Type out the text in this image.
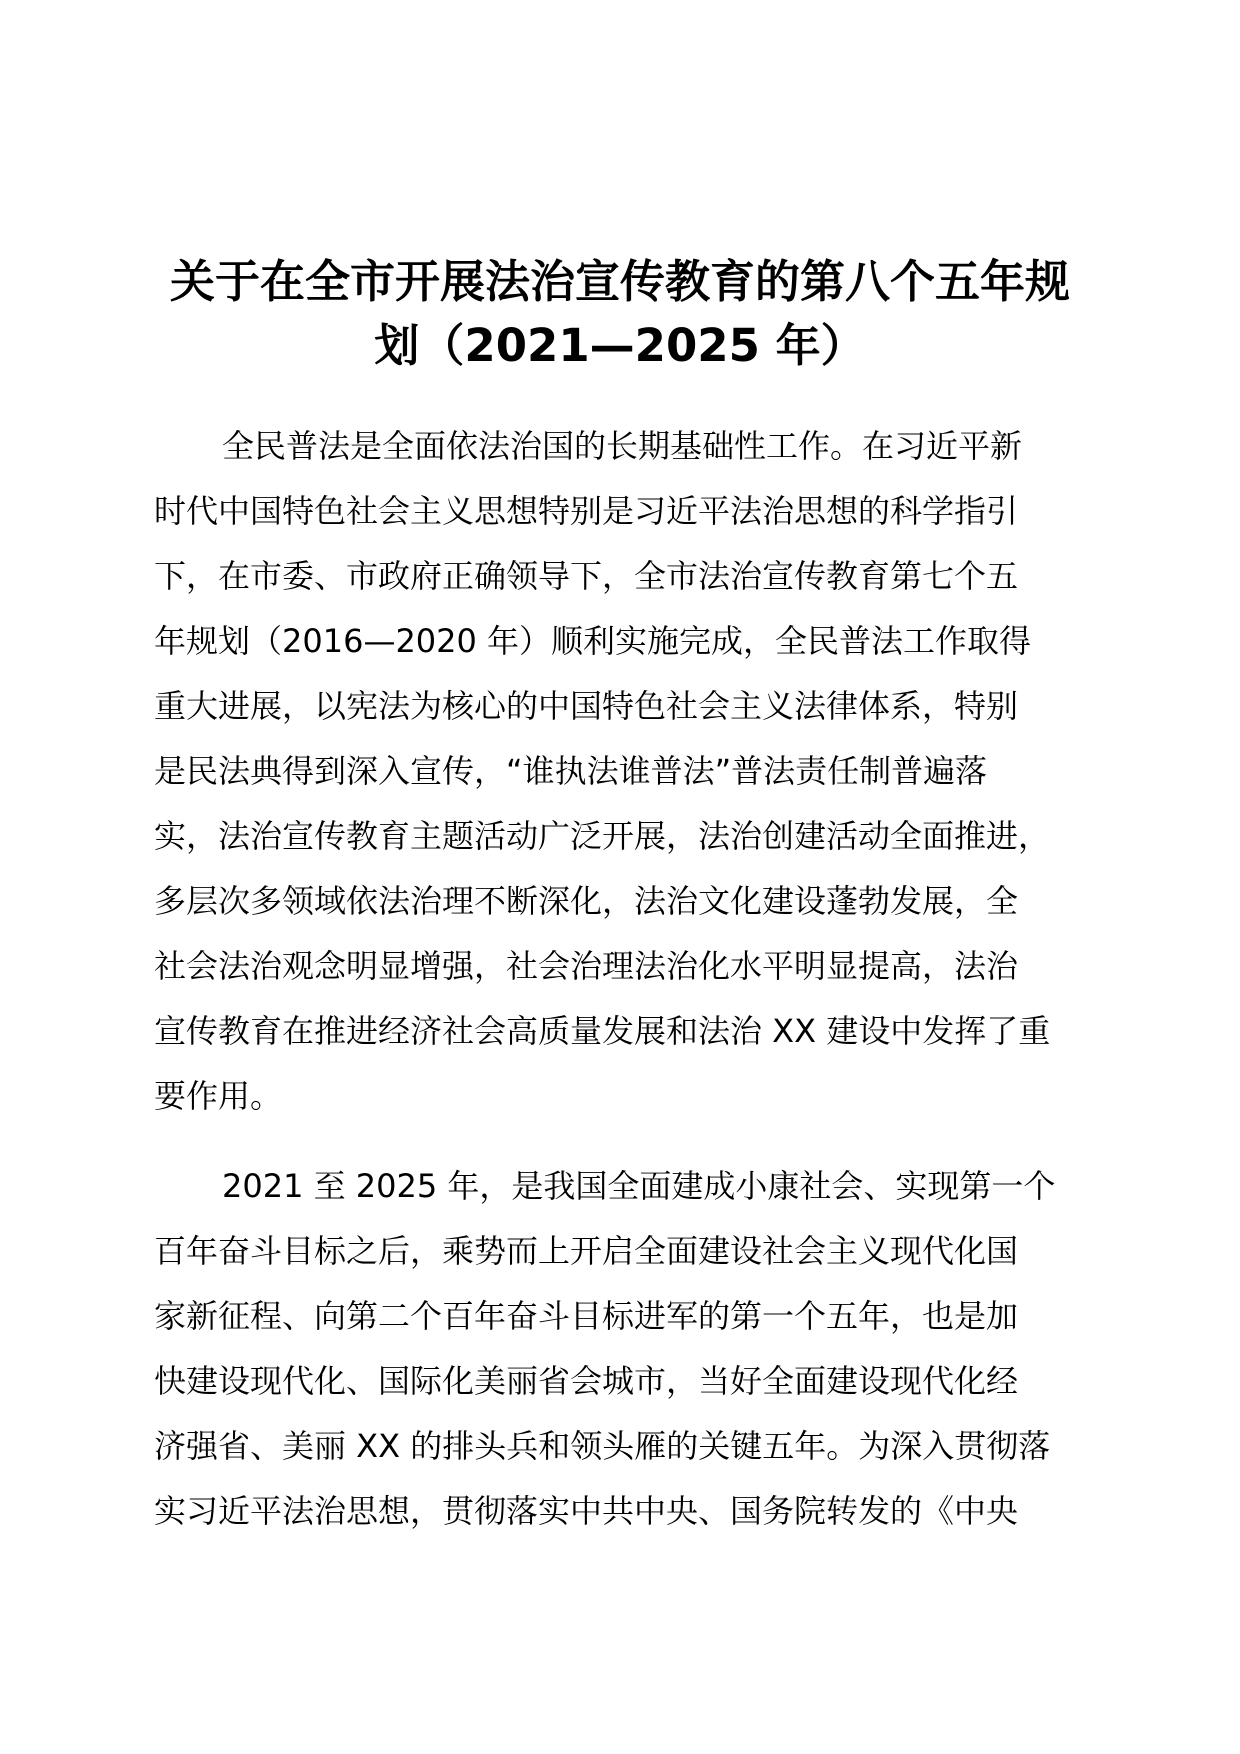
关于在全市开展法治宣传教育的第八个五年规
划（2021—2025 年）

全民普法是全面依法治国的长期基础性工作。在习近平新
时代中国特色社会主义思想特别是习近平法治思想的科学指引
下，在市委、市政府正确领导下，全市法治宣传教育第七个五
年规划（2016—2020 年）顺利实施完成，全民普法工作取得
重大进展，以宪法为核心的中国特色社会主义法律体系，特别
是民法典得到深入宣传，“谁执法谁普法”普法责任制普遍落
实，法治宣传教育主题活动广泛开展，法治创建活动全面推进，
多层次多领域依法治理不断深化，法治文化建设蓬勃发展，全
社会法治观念明显增强，社会治理法治化水平明显提高，法治
宣传教育在推进经济社会高质量发展和法治 XX 建设中发挥了重
要作用。

2021 至 2025 年，是我国全面建成小康社会、实现第一个
百年奋斗目标之后，乘势而上开启全面建设社会主义现代化国
家新征程、向第二个百年奋斗目标进军的第一个五年，也是加
快建设现代化、国际化美丽省会城市，当好全面建设现代化经
济强省、美丽 XX 的排头兵和领头雁的关键五年。为深入贯彻落
实习近平法治思想，贯彻落实中共中央、国务院转发的《中央
